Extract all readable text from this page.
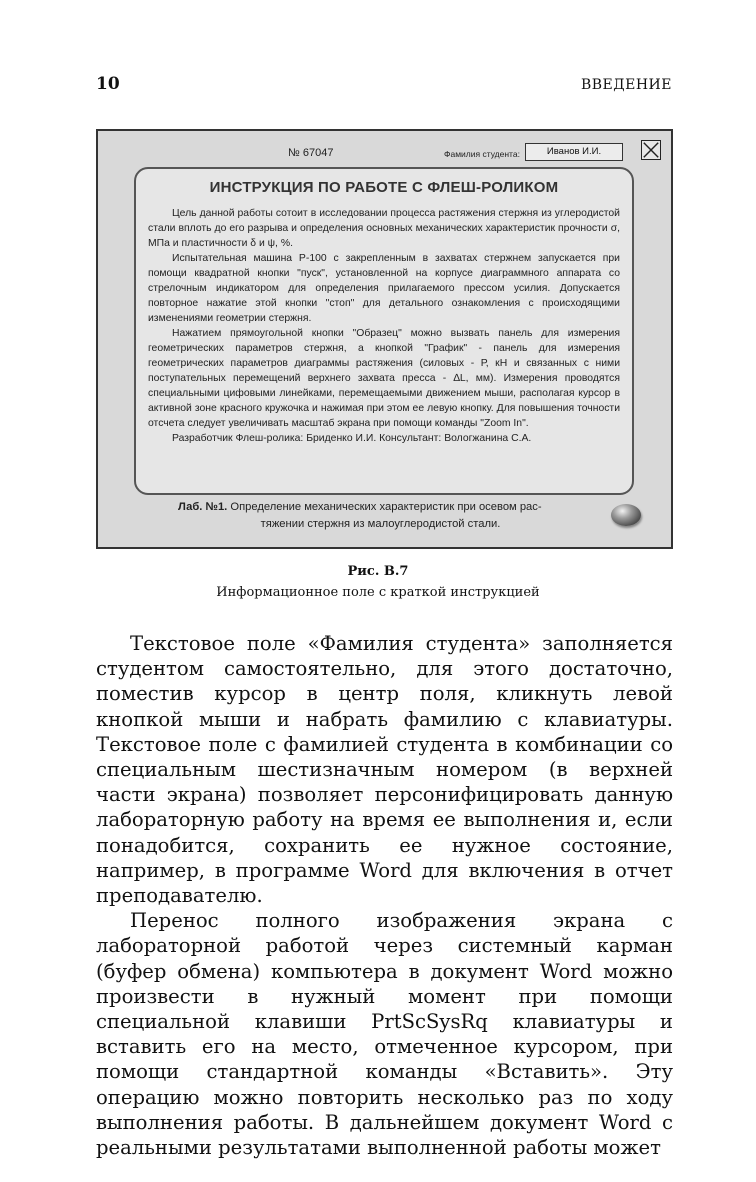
10	ВВЕДЕНИЕ
№ 67047	Фамилия студента:	Иванов И.И.

ИНСТРУКЦИЯ ПО РАБОТЕ С ФЛЕШ-РОЛИКОМ

Цель данной работы сотоит в исследовании процесса растяжения стержня из углеродистой стали вплоть до его разрыва и определения основных механических характеристик прочности σ, МПа и пластичности δ и ψ, %.

Испытательная машина Р-100 с закрепленным в захватах стержнем запускается при помощи квадратной кнопки "пуск", установленной на корпусе диаграммного аппарата со стрелочным индикатором для определения прилагаемого прессом усилия. Допускается повторное нажатие этой кнопки "стоп" для детального ознакомления с происходящими изменениями геометрии стержня.

Нажатием прямоугольной кнопки "Образец" можно вызвать панель для измерения геометрических параметров стержня, а кнопкой "График" - панель для измерения геометрических параметров диаграммы растяжения (силовых - Р, кН и связанных с ними поступательных перемещений верхнего захвата пресса - ∆L, мм). Измерения проводятся специальными цифовыми линейками, перемещаемыми движением мыши, располагая курсор в активной зоне красного кружочка и нажимая при этом ее левую кнопку. Для повышения точности отсчета следует увеличивать масштаб экрана при помощи команды "Zoom In".

Разработчик Флеш-ролика: Бриденко И.И. Консультант: Вологжанина С.А.

Лаб. №1. Определение механических характеристик при осевом рас-
тяжении стержня из малоуглеродистой стали.
Рис. В.7
Информационное поле с краткой инструкцией

Текстовое поле «Фамилия студента» заполняется студентом самостоятельно, для этого достаточно, поместив курсор в центр поля, кликнуть левой кнопкой мыши и набрать фамилию с клавиатуры. Текстовое поле с фамилией студента в комбинации со специальным шестизначным номером (в верхней части экрана) позволяет персонифицировать данную лабораторную работу на время ее выполнения и, если понадобится, сохранить ее нужное состояние, например, в программе Word для включения в отчет преподавателю.

Перенос полного изображения экрана с лабораторной работой через системный карман (буфер обмена) компьютера в документ Word можно произвести в нужный момент при помощи специальной клавиши PrtScSysRq клавиатуры и вставить его на место, отмеченное курсором, при помощи стандартной команды «Вставить». Эту операцию можно повторить несколько раз по ходу выполнения работы. В дальнейшем документ Word с реальными результатами выполненной работы может
